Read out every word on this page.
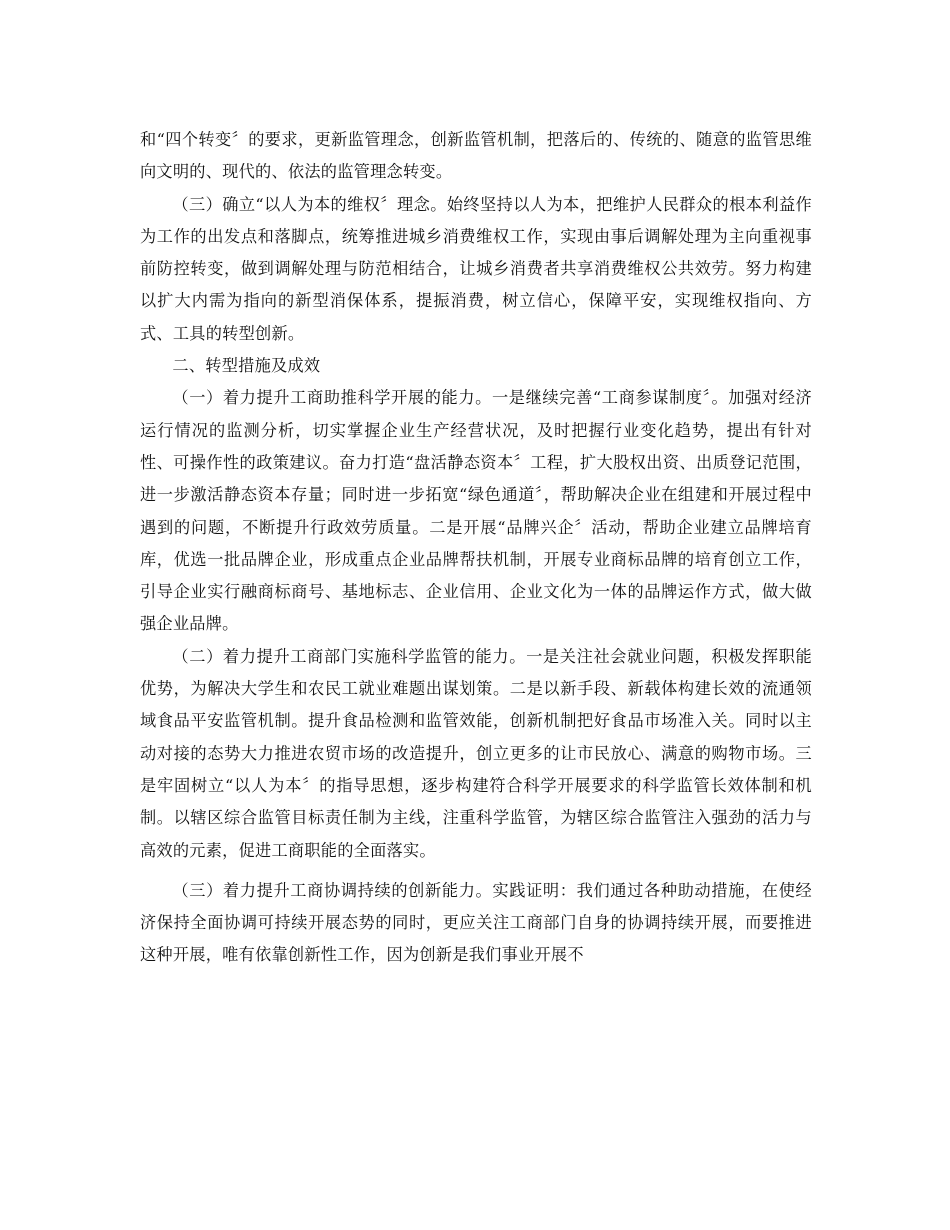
和“四个转变〞的要求，更新监管理念，创新监管机制，把落后的、传统的、随意的监管思维向文明的、现代的、依法的监管理念转变。

（三）确立“以人为本的维权〞理念。始终坚持以人为本，把维护人民群众的根本利益作为工作的出发点和落脚点，统筹推进城乡消费维权工作，实现由事后调解处理为主向重视事前防控转变，做到调解处理与防范相结合，让城乡消费者共享消费维权公共效劳。努力构建以扩大内需为指向的新型消保体系，提振消费，树立信心，保障平安，实现维权指向、方式、工具的转型创新。

二、转型措施及成效

（一）着力提升工商助推科学开展的能力。一是继续完善“工商参谋制度〞。加强对经济运行情况的监测分析，切实掌握企业生产经营状况，及时把握行业变化趋势，提出有针对性、可操作性的政策建议。奋力打造“盘活静态资本〞工程，扩大股权出资、出质登记范围，进一步激活静态资本存量；同时进一步拓宽“绿色通道〞，帮助解决企业在组建和开展过程中遇到的问题，不断提升行政效劳质量。二是开展“品牌兴企〞活动，帮助企业建立品牌培育库，优选一批品牌企业，形成重点企业品牌帮扶机制，开展专业商标品牌的培育创立工作，引导企业实行融商标商号、基地标志、企业信用、企业文化为一体的品牌运作方式，做大做强企业品牌。

（二）着力提升工商部门实施科学监管的能力。一是关注社会就业问题，积极发挥职能优势，为解决大学生和农民工就业难题出谋划策。二是以新手段、新载体构建长效的流通领域食品平安监管机制。提升食品检测和监管效能，创新机制把好食品市场准入关。同时以主动对接的态势大力推进农贸市场的改造提升，创立更多的让市民放心、满意的购物市场。三是牢固树立“以人为本〞的指导思想，逐步构建符合科学开展要求的科学监管长效体制和机制。以辖区综合监管目标责任制为主线，注重科学监管，为辖区综合监管注入强劲的活力与高效的元素，促进工商职能的全面落实。

（三）着力提升工商协调持续的创新能力。实践证明：我们通过各种助动措施，在使经济保持全面协调可持续开展态势的同时，更应关注工商部门自身的协调持续开展，而要推进这种开展，唯有依靠创新性工作，因为创新是我们事业开展不
